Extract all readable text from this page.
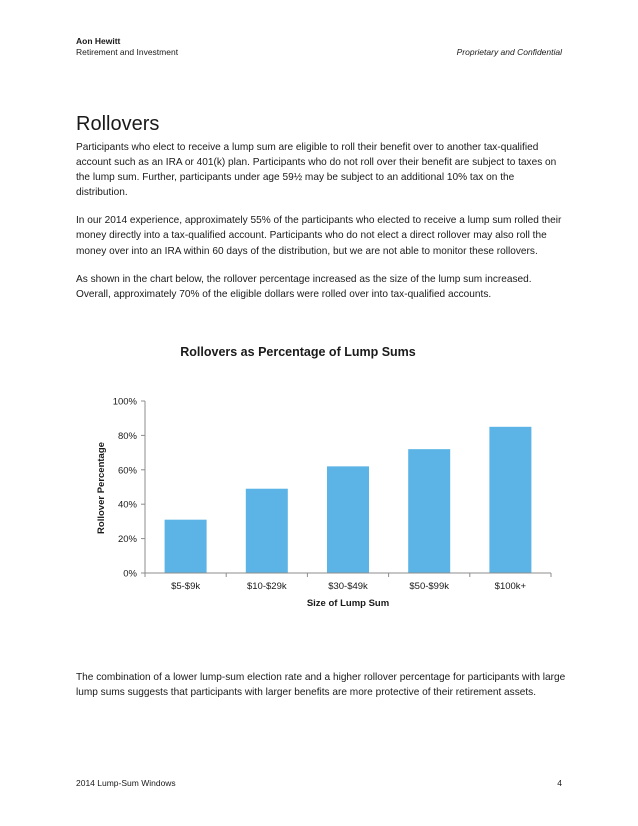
Aon Hewitt
Retirement and Investment	Proprietary and Confidential
Rollovers

Participants who elect to receive a lump sum are eligible to roll their benefit over to another tax-qualified account such as an IRA or 401(k) plan. Participants who do not roll over their benefit are subject to taxes on the lump sum. Further, participants under age 59½ may be subject to an additional 10% tax on the distribution.

In our 2014 experience, approximately 55% of the participants who elected to receive a lump sum rolled their money directly into a tax-qualified account. Participants who do not elect a direct rollover may also roll the money over into an IRA within 60 days of the distribution, but we are not able to monitor these rollovers.

As shown in the chart below, the rollover percentage increased as the size of the lump sum increased. Overall, approximately 70% of the eligible dollars were rolled over into tax-qualified accounts.

Rollovers as Percentage of Lump Sums
Rollover Percentage
Size of Lump Sum
0%
20%
40%
60%
80%
100%
$5-$9k	$10-$29k	$30-$49k	$50-$99k	$100k+

The combination of a lower lump-sum election rate and a higher rollover percentage for participants with large lump sums suggests that participants with larger benefits are more protective of their retirement assets.

2014 Lump-Sum Windows	4
